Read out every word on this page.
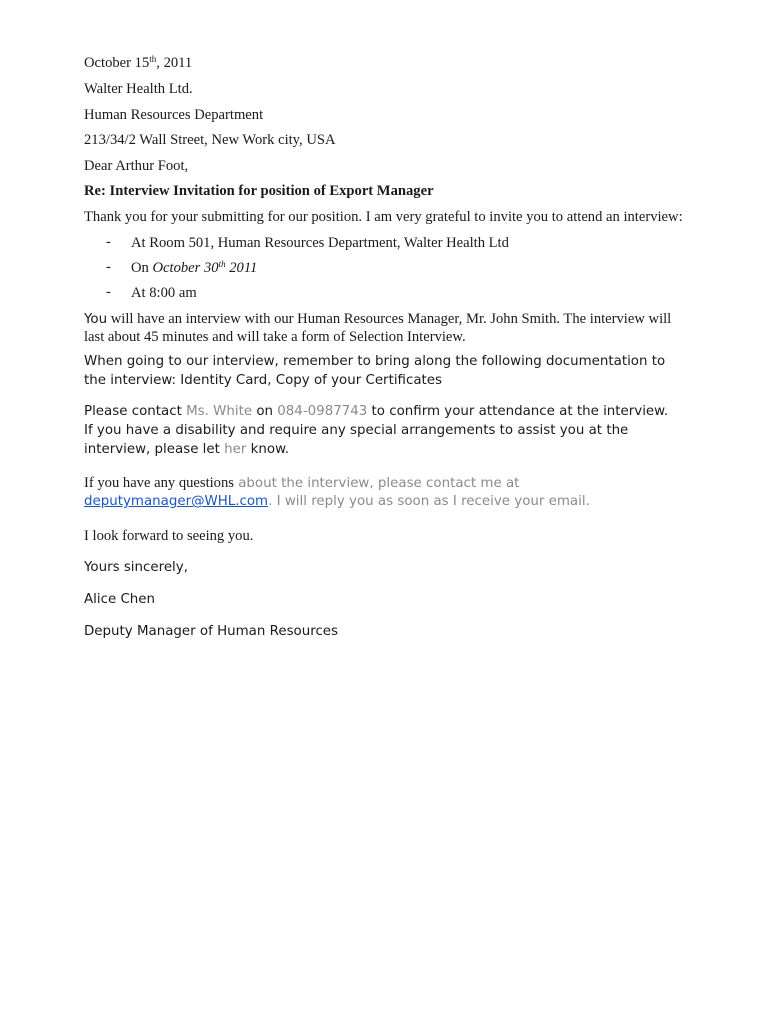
October 15th, 2011
Walter Health Ltd.
Human Resources Department
213/34/2 Wall Street, New Work city, USA
Dear Arthur Foot,
Re: Interview Invitation for position of Export Manager
Thank you for your submitting for our position. I am very grateful to invite you to attend an interview:
- At Room 501, Human Resources Department, Walter Health Ltd
- On October 30th 2011
- At 8:00 am
You will have an interview with our Human Resources Manager, Mr. John Smith. The interview will
last about 45 minutes and will take a form of Selection Interview.
When going to our interview, remember to bring along the following documentation to
the interview: Identity Card, Copy of your Certificates
Please contact Ms. White on 084-0987743 to confirm your attendance at the interview.
If you have a disability and require any special arrangements to assist you at the
interview, please let her know.
If you have any questions about the interview, please contact me at
deputymanager@WHL.com. I will reply you as soon as I receive your email.
I look forward to seeing you.
Yours sincerely,
Alice Chen
Deputy Manager of Human Resources
